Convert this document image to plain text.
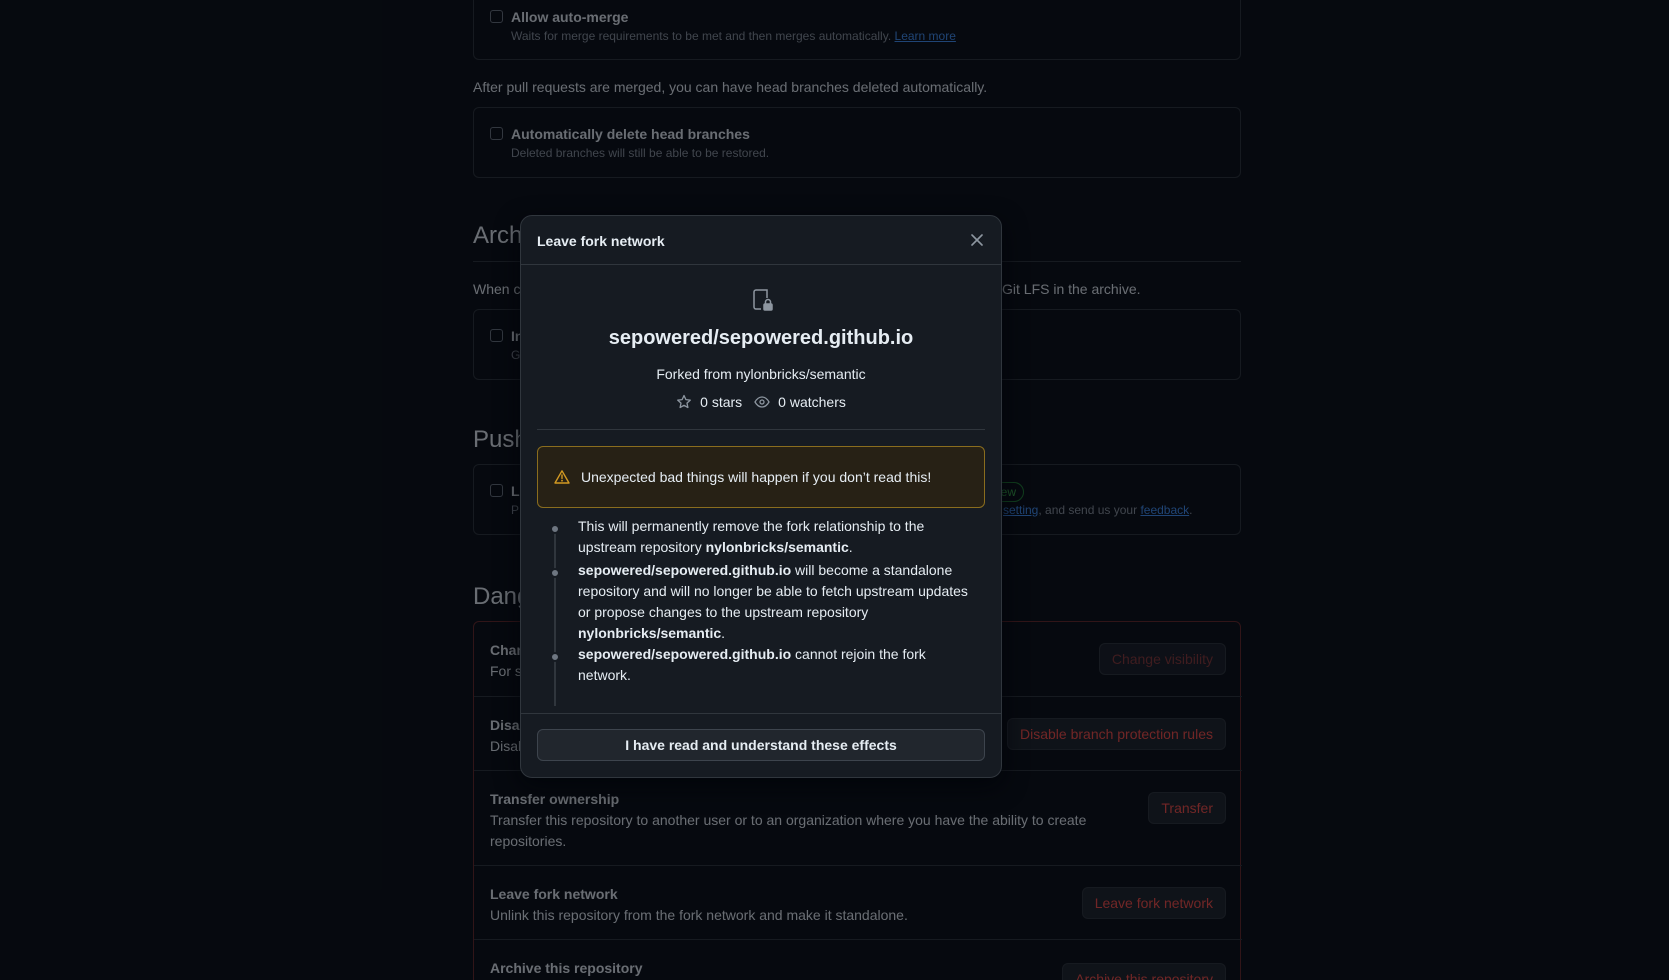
Leave fork network
sepowered/sepowered.github.io
Forked from nylonbricks/semantic
0 stars	0 watchers
Unexpected bad things will happen if you don’t read this!
This will permanently remove the fork relationship to the upstream repository nylonbricks/semantic.
sepowered/sepowered.github.io will become a standalone repository and will no longer be able to fetch upstream updates or propose changes to the upstream repository nylonbricks/semantic.
sepowered/sepowered.github.io cannot rejoin the fork network.
I have read and understand these effects
